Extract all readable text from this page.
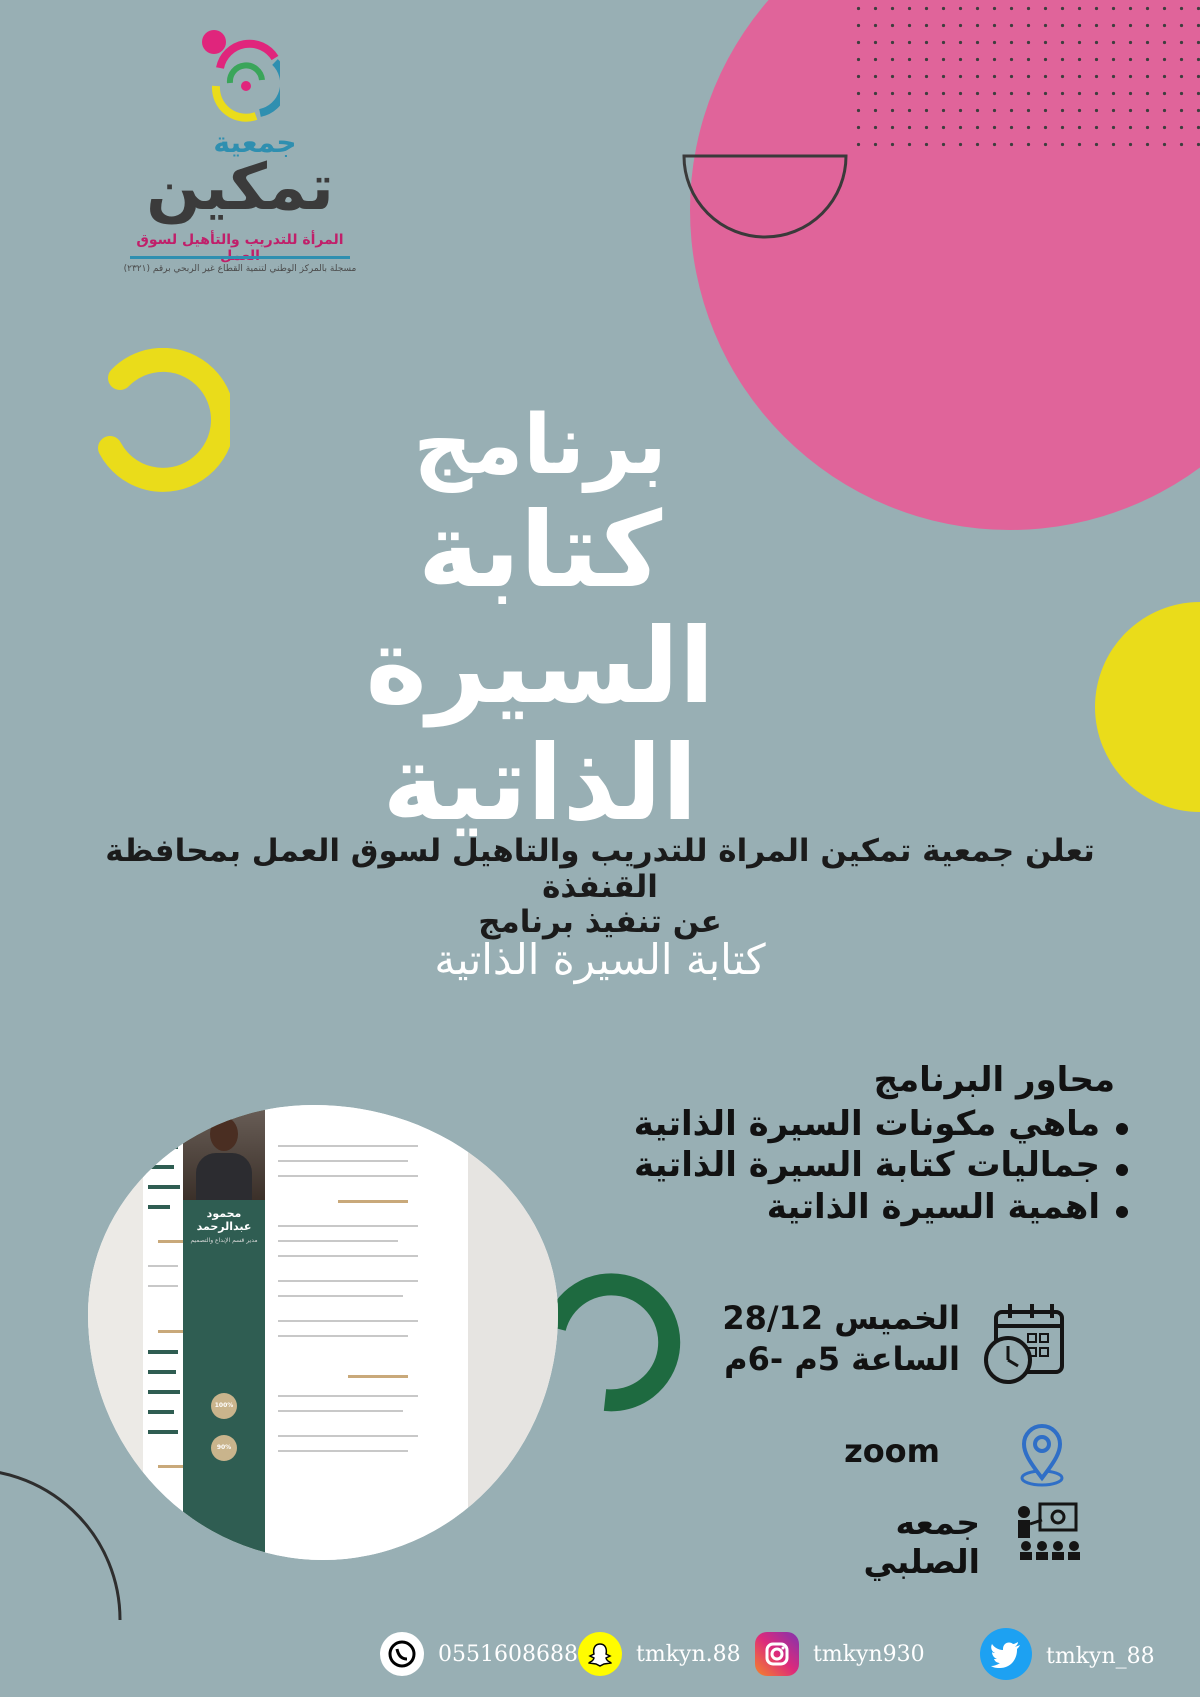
جمعية
تمكين
المرأة للتدريب والتأهيل لسوق
مسجلة بالمركز الوطني لتنمية القطاع غير الربحي برقم (٢٣٢١)
برنامج
كتابة
السيرة الذاتية
تعلن جمعية تمكين المراة للتدريب والتاهيل لسوق العمل بمحافظة القنفذة
عن تنفيذ برنامج
كتابة السيرة الذاتية
محاور البرنامج
ماهي مكونات السيرة الذاتية
جماليات كتابة السيرة الذاتية
اهمية السيرة الذاتية
الخميس 28/12
الساعة 5م -6م
zoom
جمعه الصلبي
محمود
عبدالرحمد
مدير قسم الإبداع والتصميم
100%
90%
0551608688	tmkyn.88	tmkyn930	tmkyn_88
